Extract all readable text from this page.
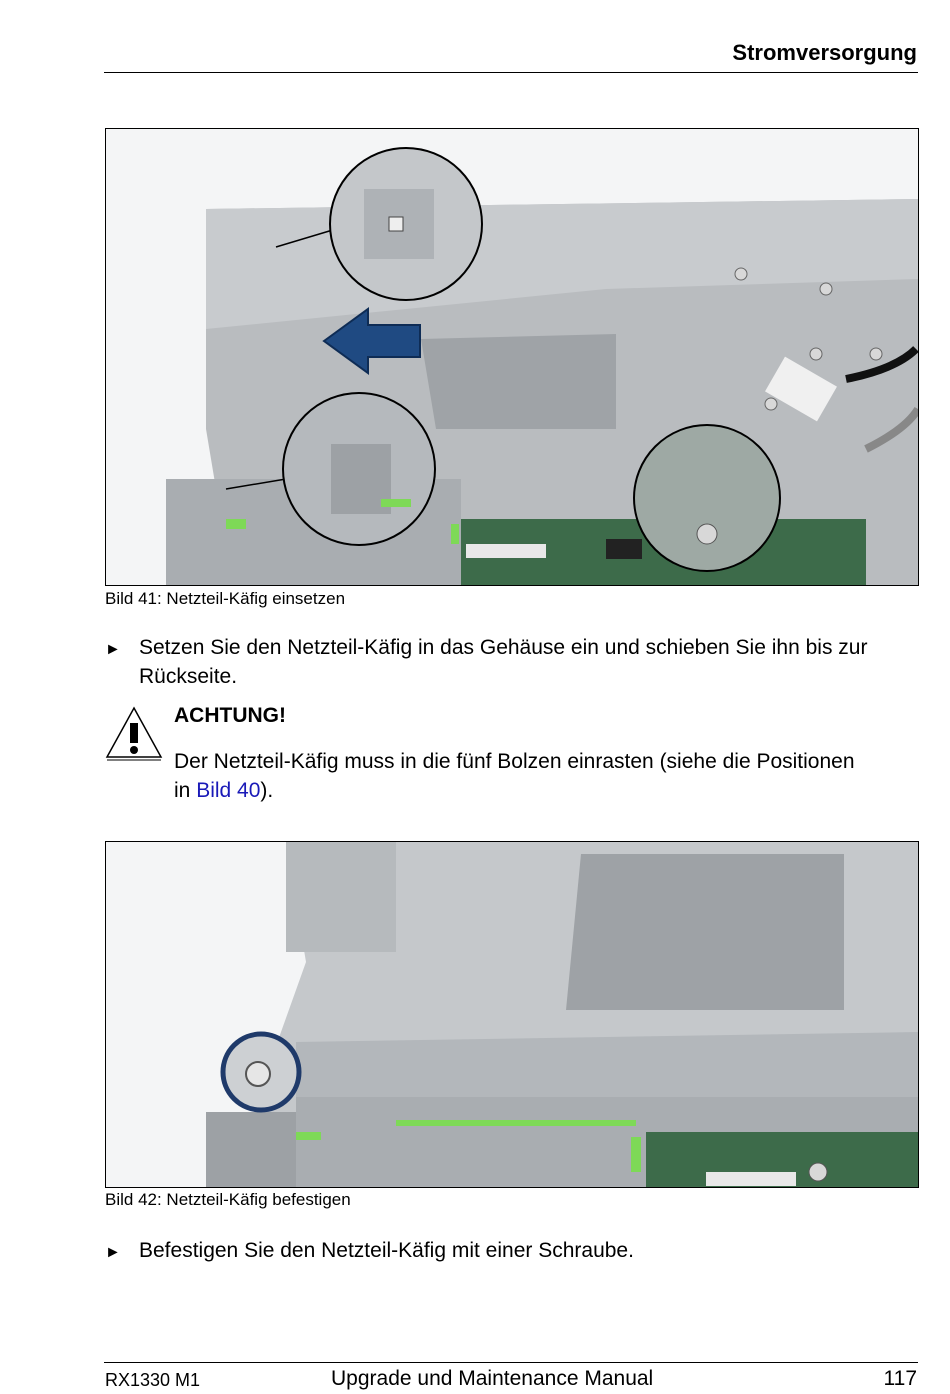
Stromversorgung
Bild 41: Netzteil-Käfig einsetzen
► Setzen Sie den Netzteil-Käfig in das Gehäuse ein und schieben Sie ihn bis zur Rückseite.
ACHTUNG!
Der Netzteil-Käfig muss in die fünf Bolzen einrasten (siehe die Positionen in Bild 40).
Bild 42: Netzteil-Käfig befestigen
► Befestigen Sie den Netzteil-Käfig mit einer Schraube.
RX1330 M1	Upgrade und Maintenance Manual	117
